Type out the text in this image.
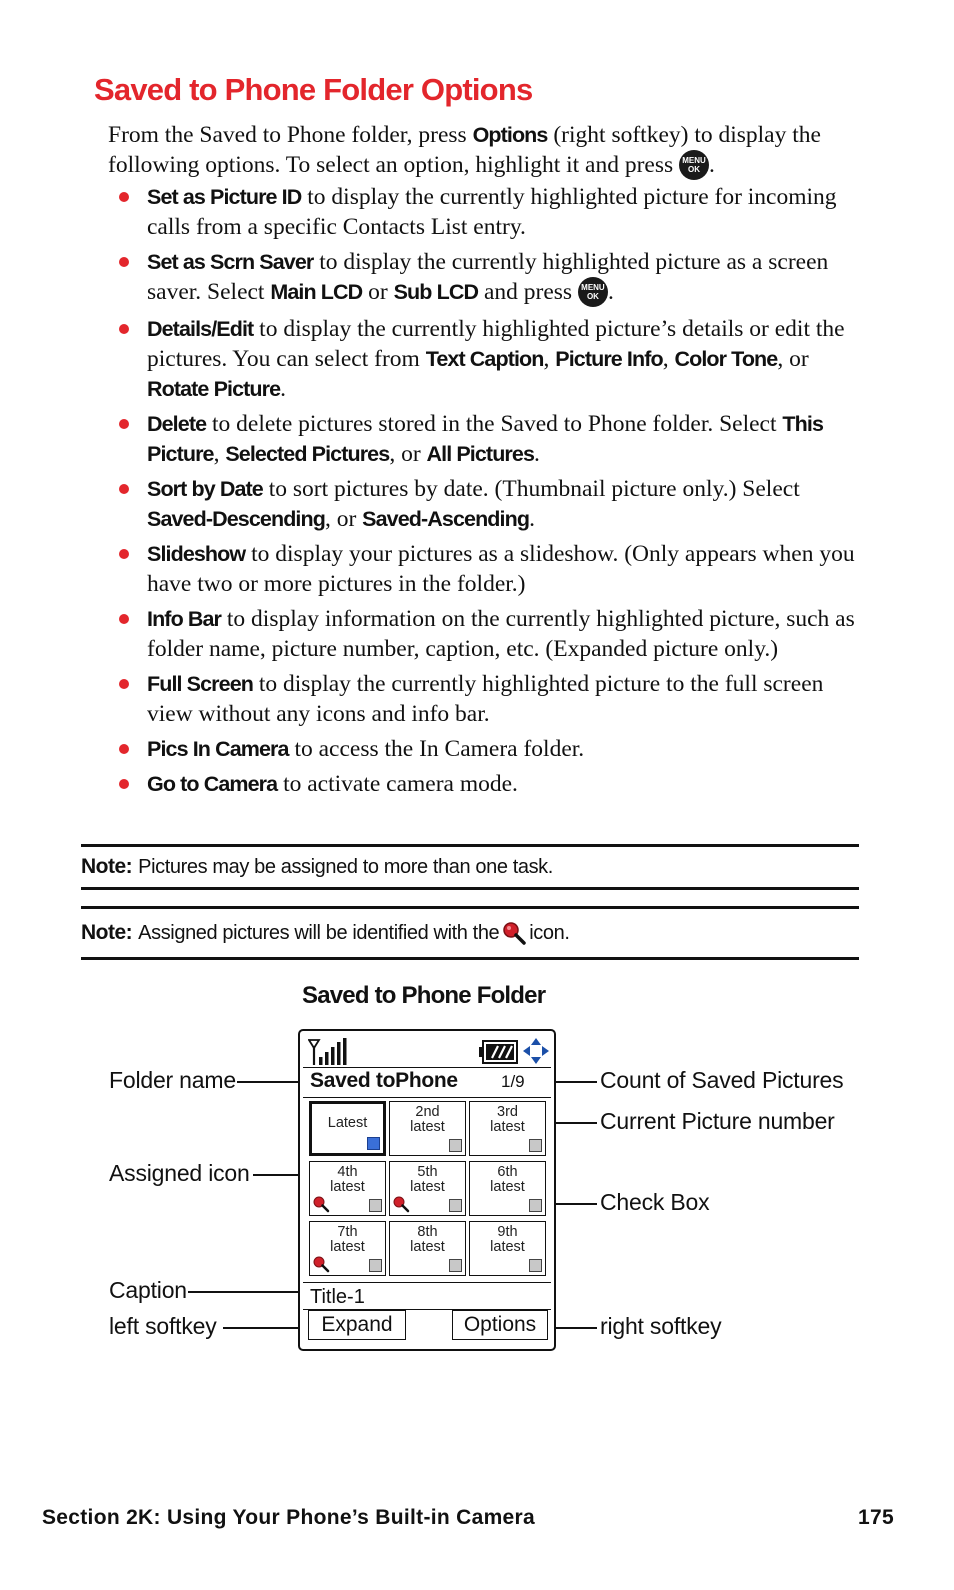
Saved to Phone Folder Options
From the Saved to Phone folder, press Options (right softkey) to display the following options. To select an option, highlight it and press MENU
OK .
Set as Picture ID to display the currently highlighted picture for incoming calls from a specific Contacts List entry.
Set as Scrn Saver to display the currently highlighted picture as a screen saver. Select Main LCD or Sub LCD and press MENU
OK .
Details/Edit to display the currently highlighted picture’s details or edit the pictures. You can select from Text Caption, Picture Info, Color Tone, or Rotate Picture.
Delete to delete pictures stored in the Saved to Phone folder. Select This Picture, Selected Pictures, or All Pictures.
Sort by Date to sort pictures by date. (Thumbnail picture only.) Select Saved-Descending, or Saved-Ascending.
Slideshow to display your pictures as a slideshow. (Only appears when you have two or more pictures in the folder.)
Info Bar to display information on the currently highlighted picture, such as folder name, picture number, caption, etc. (Expanded picture only.)
Full Screen to display the currently highlighted picture to the full screen view without any icons and info bar.
Pics In Camera to access the In Camera folder.
Go to Camera to activate camera mode.
Note: Pictures may be assigned to more than one task.
Note: Assigned pictures will be identified with the icon.
Saved to Phone Folder
Folder name
Assigned icon
Caption
left softkey
Count of Saved Pictures
Current Picture number
Check Box
right softkey
Saved toPhone	1/9
Latest
2nd
latest
3rd
latest
4th
latest
5th
latest
6th
latest
7th
latest
8th
latest
9th
latest
Title-1
Expand	Options
Section 2K: Using Your Phone’s Built-in Camera	175
